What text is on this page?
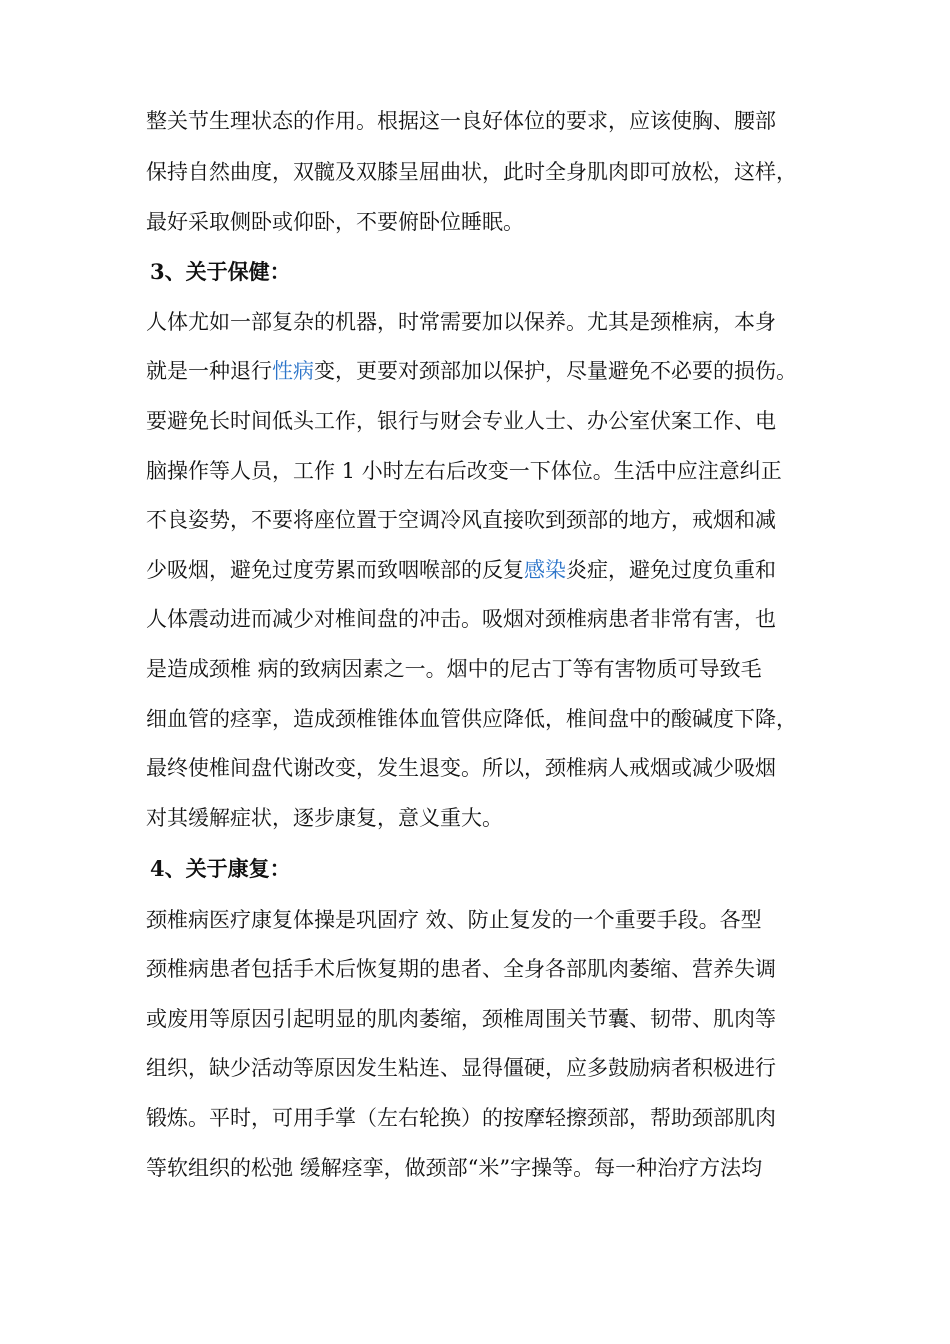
整关节生理状态的作用。根据这一良好体位的要求，应该使胸、腰部
保持自然曲度，双髋及双膝呈屈曲状，此时全身肌肉即可放松，这样，
最好采取侧卧或仰卧，不要俯卧位睡眠。
3、关于保健：
人体尤如一部复杂的机器，时常需要加以保养。尤其是颈椎病，本身
就是一种退行性病变，更要对颈部加以保护，尽量避免不必要的损伤。
要避免长时间低头工作，银行与财会专业人士、办公室伏案工作、电
脑操作等人员，工作 1 小时左右后改变一下体位。生活中应注意纠正
不良姿势，不要将座位置于空调冷风直接吹到颈部的地方，戒烟和减
少吸烟，避免过度劳累而致咽喉部的反复感染炎症，避免过度负重和
人体震动进而减少对椎间盘的冲击。吸烟对颈椎病患者非常有害，也
是造成颈椎 病的致病因素之一。烟中的尼古丁等有害物质可导致毛
细血管的痉挛，造成颈椎锥体血管供应降低，椎间盘中的酸碱度下降，
最终使椎间盘代谢改变，发生退变。所以，颈椎病人戒烟或减少吸烟
对其缓解症状，逐步康复，意义重大。
4、关于康复：
颈椎病医疗康复体操是巩固疗 效、防止复发的一个重要手段。各型
颈椎病患者包括手术后恢复期的患者、全身各部肌肉萎缩、营养失调
或废用等原因引起明显的肌肉萎缩，颈椎周围关节囊、韧带、肌肉等
组织，缺少活动等原因发生粘连、显得僵硬，应多鼓励病者积极进行
锻炼。平时，可用手掌（左右轮换）的按摩轻擦颈部，帮助颈部肌肉
等软组织的松弛 缓解痉挛，做颈部“米”字操等。每一种治疗方法均
